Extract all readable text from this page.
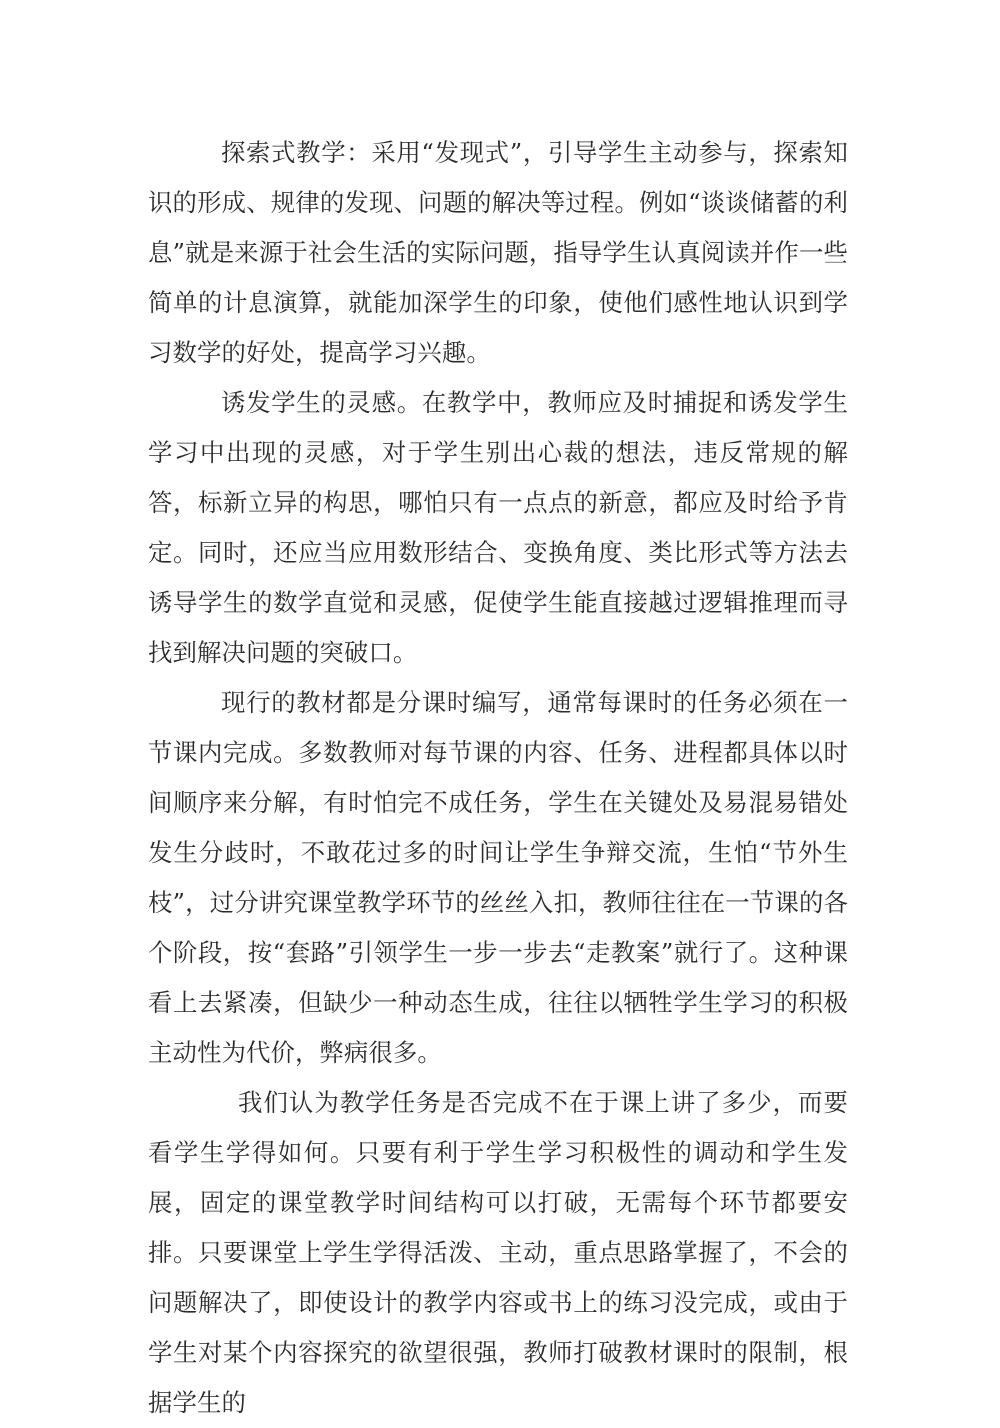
探索式教学：采用“发现式”，引导学生主动参与，探索知识的形成、规律的发现、问题的解决等过程。例如“谈谈储蓄的利息”就是来源于社会生活的实际问题，指导学生认真阅读并作一些简单的计息演算，就能加深学生的印象，使他们感性地认识到学习数学的好处，提高学习兴趣。

诱发学生的灵感。在教学中，教师应及时捕捉和诱发学生学习中出现的灵感，对于学生别出心裁的想法，违反常规的解答，标新立异的构思，哪怕只有一点点的新意，都应及时给予肯定。同时，还应当应用数形结合、变换角度、类比形式等方法去诱导学生的数学直觉和灵感，促使学生能直接越过逻辑推理而寻找到解决问题的突破口。

现行的教材都是分课时编写，通常每课时的任务必须在一节课内完成。多数教师对每节课的内容、任务、进程都具体以时间顺序来分解，有时怕完不成任务，学生在关键处及易混易错处发生分歧时，不敢花过多的时间让学生争辩交流，生怕“节外生枝”，过分讲究课堂教学环节的丝丝入扣，教师往往在一节课的各个阶段，按“套路”引领学生一步一步去“走教案”就行了。这种课看上去紧凑，但缺少一种动态生成，往往以牺牲学生学习的积极主动性为代价，弊病很多。

我们认为教学任务是否完成不在于课上讲了多少，而要看学生学得如何。只要有利于学生学习积极性的调动和学生发展，固定的课堂教学时间结构可以打破，无需每个环节都要安排。只要课堂上学生学得活泼、主动，重点思路掌握了，不会的问题解决了，即使设计的教学内容或书上的练习没完成，或由于学生对某个内容探究的欲望很强，教师打破教材课时的限制，根据学生的
